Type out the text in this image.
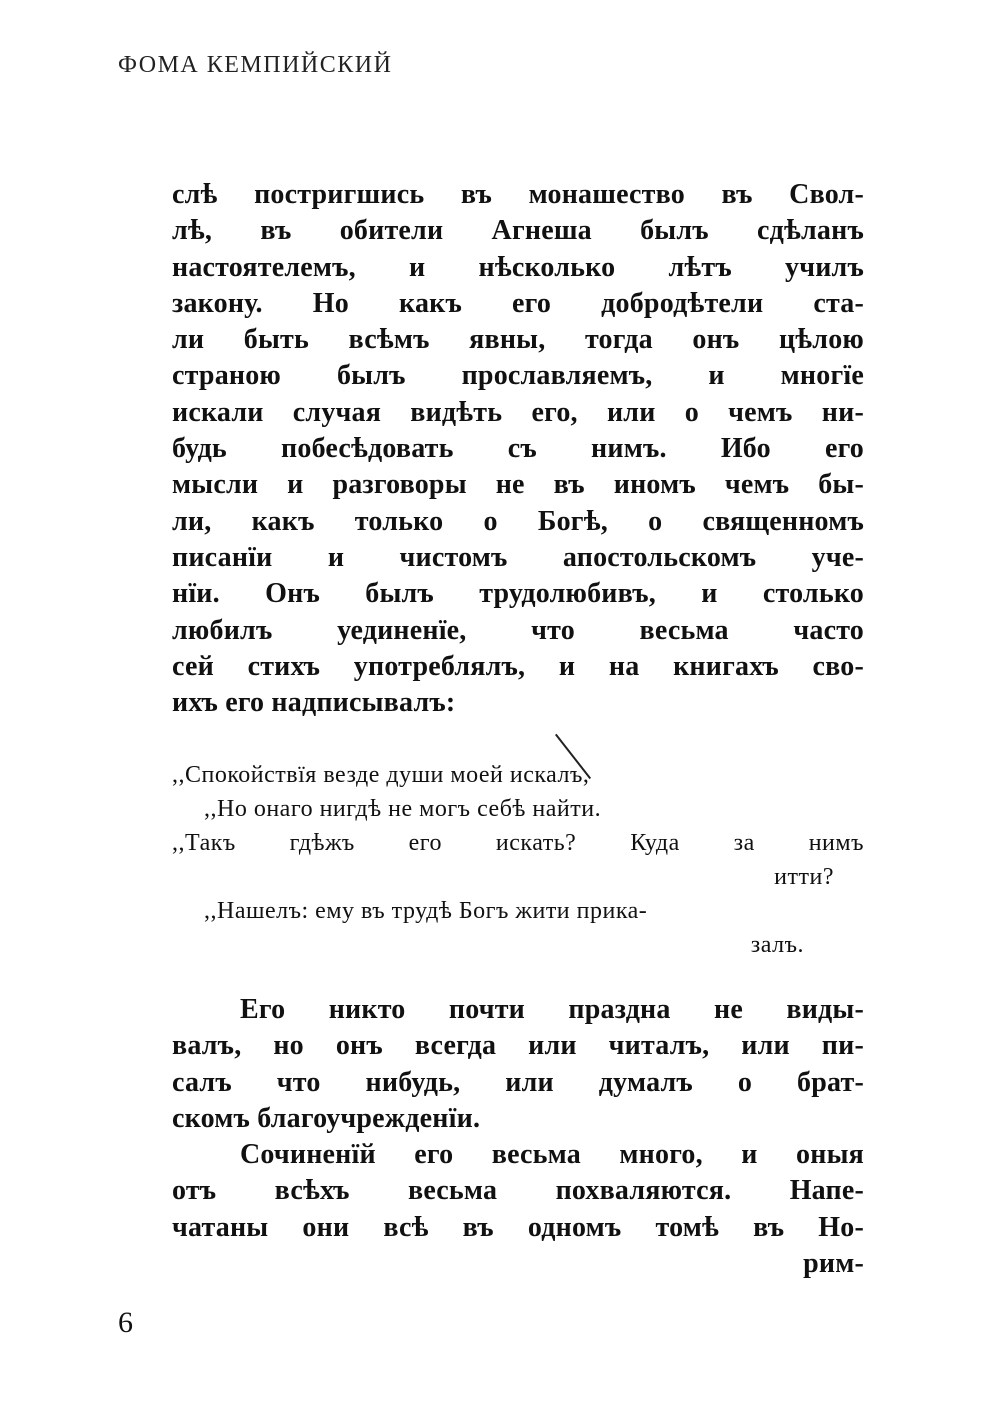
ФОМА КЕМПИЙСКИЙ
слѣ постригшись въ монашество въ Свол-
лѣ, въ обители Агнеша былъ сдѣланъ
настоятелемъ, и нѣсколько лѣтъ училъ
закону. Но какъ его добродѣтели ста-
ли быть всѣмъ явны, тогда онъ цѣлою
страною былъ прославляемъ, и многїе
искали случая видѣть его, или о чемъ ни-
будь побесѣдовать съ нимъ. Ибо его
мысли и разговоры не въ иномъ чемъ бы-
ли, какъ только о Богѣ, о священномъ
писанїи и чистомъ апостольскомъ уче-
нїи. Онъ былъ трудолюбивъ, и столько
любилъ уединенїе, что весьма часто
сей стихъ употреблялъ, и на книгахъ сво-
ихъ его надписывалъ:
,,Спокойствїя везде души моей искалъ,
,,Но онаго нигдѣ не могъ себѣ найти.
,,Такъ гдѣжъ его искать? Куда за нимъ
итти?
,,Нашелъ: ему въ трудѣ Богъ жити прика-
залъ.
Его никто почти праздна не виды-
валъ, но онъ всегда или читалъ, или пи-
салъ что нибудь, или думалъ о брат-
скомъ благоучрежденїи.
Сочиненїй его весьма много, и оныя
отъ всѣхъ весьма похваляются. Напе-
чатаны они всѣ въ одномъ томѣ въ Но-
рим-
6
